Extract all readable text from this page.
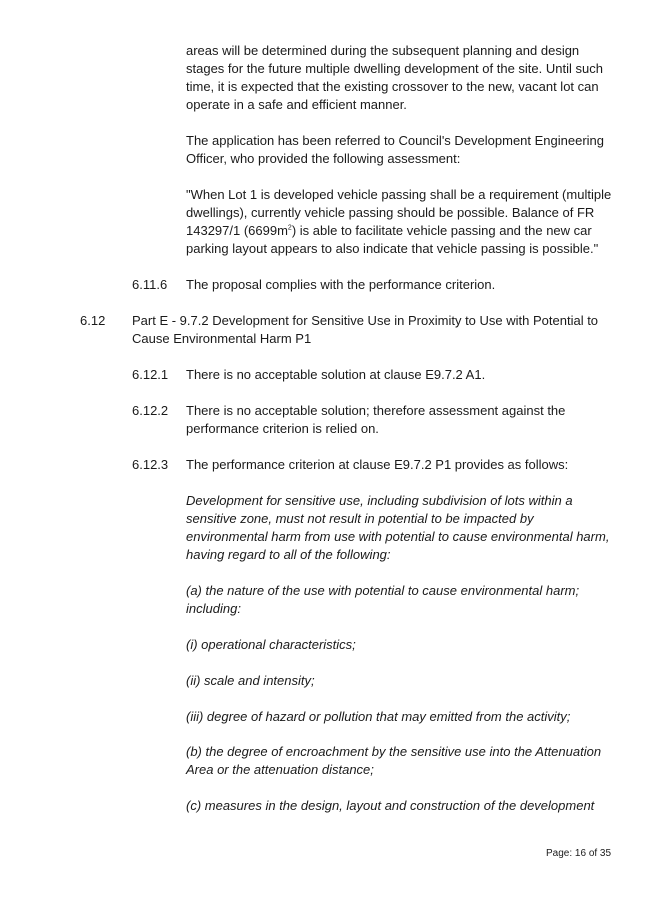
areas will be determined during the subsequent planning and design stages for the future multiple dwelling development of the site. Until such time, it is expected that the existing crossover to the new, vacant lot can operate in a safe and efficient manner.

The application has been referred to Council's Development Engineering Officer, who provided the following assessment:

"When Lot 1 is developed vehicle passing shall be a requirement (multiple dwellings), currently vehicle passing should be possible. Balance of FR 143297/1 $(6699m^2)$ is able to facilitate vehicle passing and the new car parking layout appears to also indicate that vehicle passing is possible."

6.11.6 The proposal complies with the performance criterion.
6.12 Part E - 9.7.2 Development for Sensitive Use in Proximity to Use with Potential to Cause Environmental Harm P1
6.12.1 There is no acceptable solution at clause E9.7.2 A1.
6.12.2 There is no acceptable solution; therefore assessment against the performance criterion is relied on.
6.12.3 The performance criterion at clause E9.7.2 P1 provides as follows:

Development for sensitive use, including subdivision of lots within a sensitive zone, must not result in potential to be impacted by environmental harm from use with potential to cause environmental harm, having regard to all of the following:

(a) the nature of the use with potential to cause environmental harm; including:

(i) operational characteristics;

(ii) scale and intensity;

(iii) degree of hazard or pollution that may emitted from the activity;

(b) the degree of encroachment by the sensitive use into the Attenuation Area or the attenuation distance;

(c) measures in the design, layout and construction of the development

Page: 16 of 35
